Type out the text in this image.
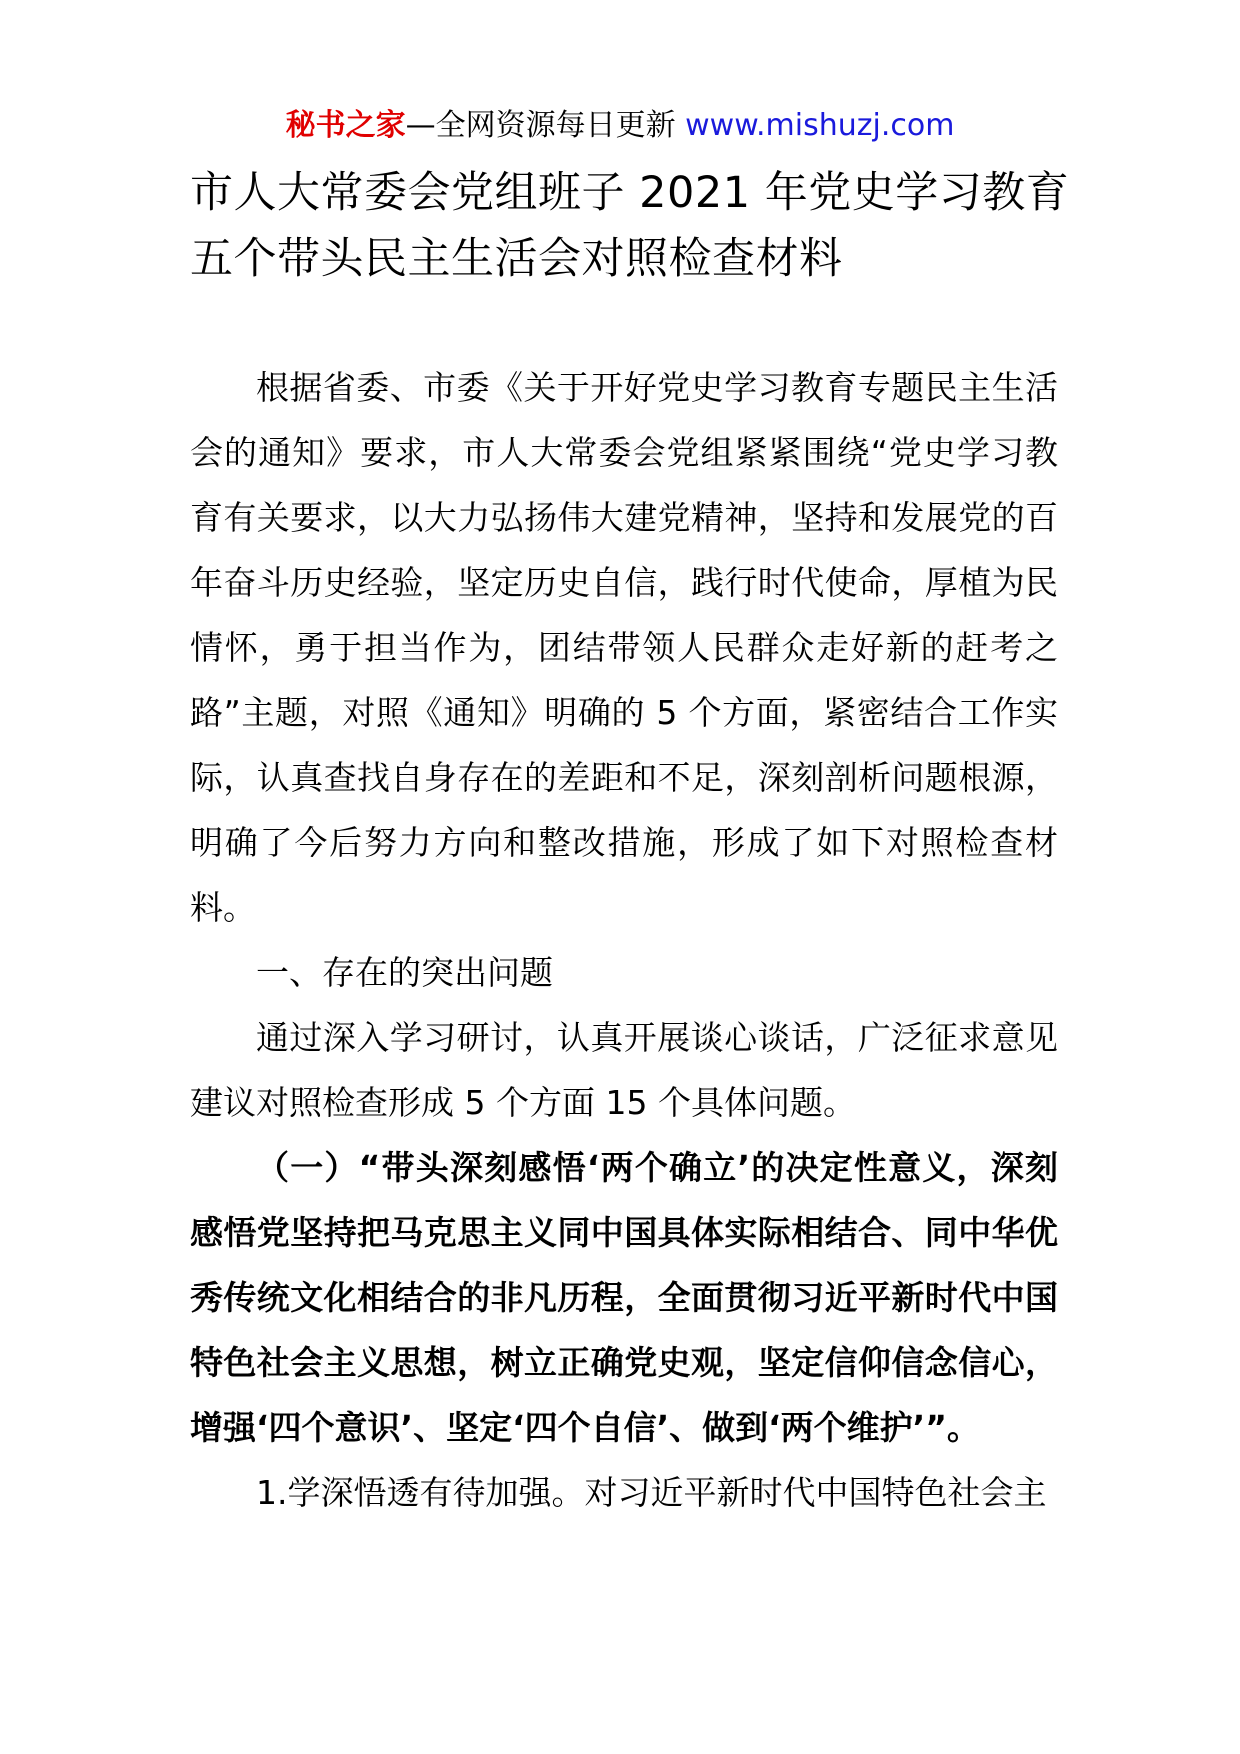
秘书之家—全网资源每日更新 www.mishuzj.com
市人大常委会党组班子 2021 年党史学习教育五个带头民主生活会对照检查材料

根据省委、市委《关于开好党史学习教育专题民主生活会的通知》要求，市人大常委会党组紧紧围绕“党史学习教育有关要求，以大力弘扬伟大建党精神，坚持和发展党的百年奋斗历史经验，坚定历史自信，践行时代使命，厚植为民情怀，勇于担当作为，团结带领人民群众走好新的赶考之路”主题，对照《通知》明确的 5 个方面，紧密结合工作实际，认真查找自身存在的差距和不足，深刻剖析问题根源，明确了今后努力方向和整改措施，形成了如下对照检查材料。

一、存在的突出问题

通过深入学习研讨，认真开展谈心谈话，广泛征求意见建议对照检查形成 5 个方面 15 个具体问题。

（一）“带头深刻感悟‘两个确立’的决定性意义，深刻感悟党坚持把马克思主义同中国具体实际相结合、同中华优秀传统文化相结合的非凡历程，全面贯彻习近平新时代中国特色社会主义思想，树立正确党史观，坚定信仰信念信心，增强‘四个意识’、坚定‘四个自信’、做到‘两个维护’”。

1.学深悟透有待加强。对习近平新时代中国特色社会主
